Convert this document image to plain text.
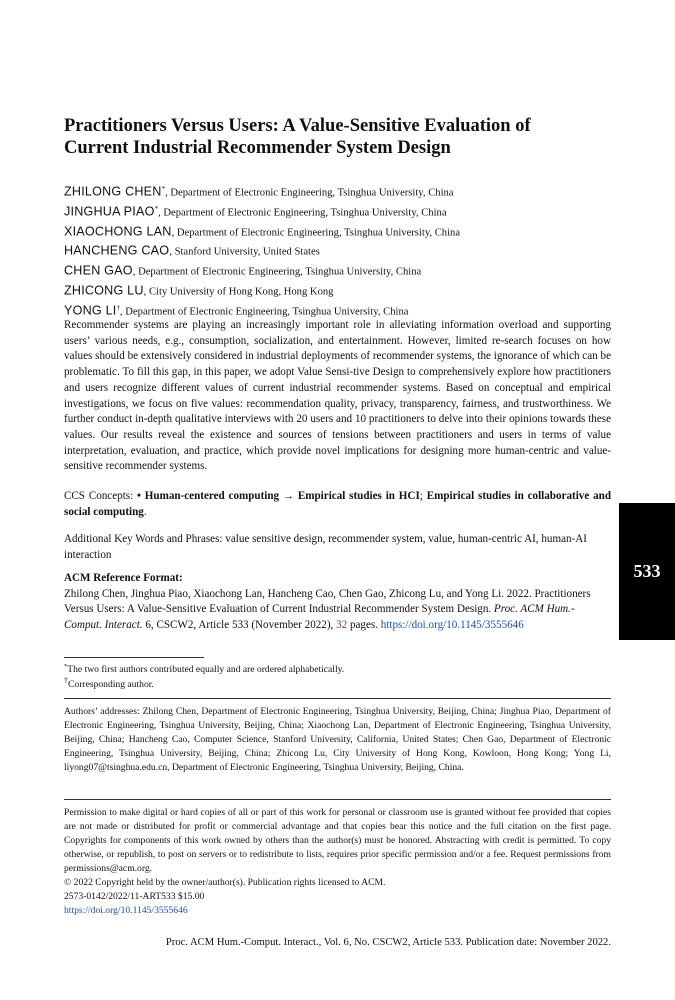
Practitioners Versus Users: A Value-Sensitive Evaluation of
Current Industrial Recommender System Design
ZHILONG CHEN*, Department of Electronic Engineering, Tsinghua University, China
JINGHUA PIAO*, Department of Electronic Engineering, Tsinghua University, China
XIAOCHONG LAN, Department of Electronic Engineering, Tsinghua University, China
HANCHENG CAO, Stanford University, United States
CHEN GAO, Department of Electronic Engineering, Tsinghua University, China
ZHICONG LU, City University of Hong Kong, Hong Kong
YONG LI†, Department of Electronic Engineering, Tsinghua University, China

Recommender systems are playing an increasingly important role in alleviating information overload and supporting users’ various needs, e.g., consumption, socialization, and entertainment. However, limited re-search focuses on how values should be extensively considered in industrial deployments of recommender systems, the ignorance of which can be problematic. To fill this gap, in this paper, we adopt Value Sensi-tive Design to comprehensively explore how practitioners and users recognize different values of current industrial recommender systems. Based on conceptual and empirical investigations, we focus on five values: recommendation quality, privacy, transparency, fairness, and trustworthiness. We further conduct in-depth qualitative interviews with 20 users and 10 practitioners to delve into their opinions towards these values. Our results reveal the existence and sources of tensions between practitioners and users in terms of value interpretation, evaluation, and practice, which provide novel implications for designing more human-centric and value-sensitive recommender systems.

CCS Concepts: • Human-centered computing → Empirical studies in HCI; Empirical studies in collaborative and social computing.

Additional Key Words and Phrases: value sensitive design, recommender system, value, human-centric AI, human-AI interaction

ACM Reference Format:
Zhilong Chen, Jinghua Piao, Xiaochong Lan, Hancheng Cao, Chen Gao, Zhicong Lu, and Yong Li. 2022. Practitioners Versus Users: A Value-Sensitive Evaluation of Current Industrial Recommender System Design. Proc. ACM Hum.-Comput. Interact. 6, CSCW2, Article 533 (November 2022), 32 pages. https://doi.org/10.1145/3555646

*The two first authors contributed equally and are ordered alphabetically.

†Corresponding author.

Authors’ addresses: Zhilong Chen, Department of Electronic Engineering, Tsinghua University, Beijing, China; Jinghua Piao, Department of Electronic Engineering, Tsinghua University, Beijing, China; Xiaochong Lan, Department of Electronic Engineering, Tsinghua University, Beijing, China; Hancheng Cao, Computer Science, Stanford University, California, United States; Chen Gao, Department of Electronic Engineering, Tsinghua University, Beijing, China; Zhicong Lu, City University of Hong Kong, Kowloon, Hong Kong; Yong Li, liyong07@tsinghua.edu.cn, Department of Electronic Engineering, Tsinghua University, Beijing, China.

Permission to make digital or hard copies of all or part of this work for personal or classroom use is granted without fee provided that copies are not made or distributed for profit or commercial advantage and that copies bear this notice and the full citation on the first page. Copyrights for components of this work owned by others than the author(s) must be honored. Abstracting with credit is permitted. To copy otherwise, or republish, to post on servers or to redistribute to lists, requires prior specific permission and/or a fee. Request permissions from permissions@acm.org.
© 2022 Copyright held by the owner/author(s). Publication rights licensed to ACM.
2573-0142/2022/11-ART533 $15.00
https://doi.org/10.1145/3555646
Proc. ACM Hum.-Comput. Interact., Vol. 6, No. CSCW2, Article 533. Publication date: November 2022.
533
